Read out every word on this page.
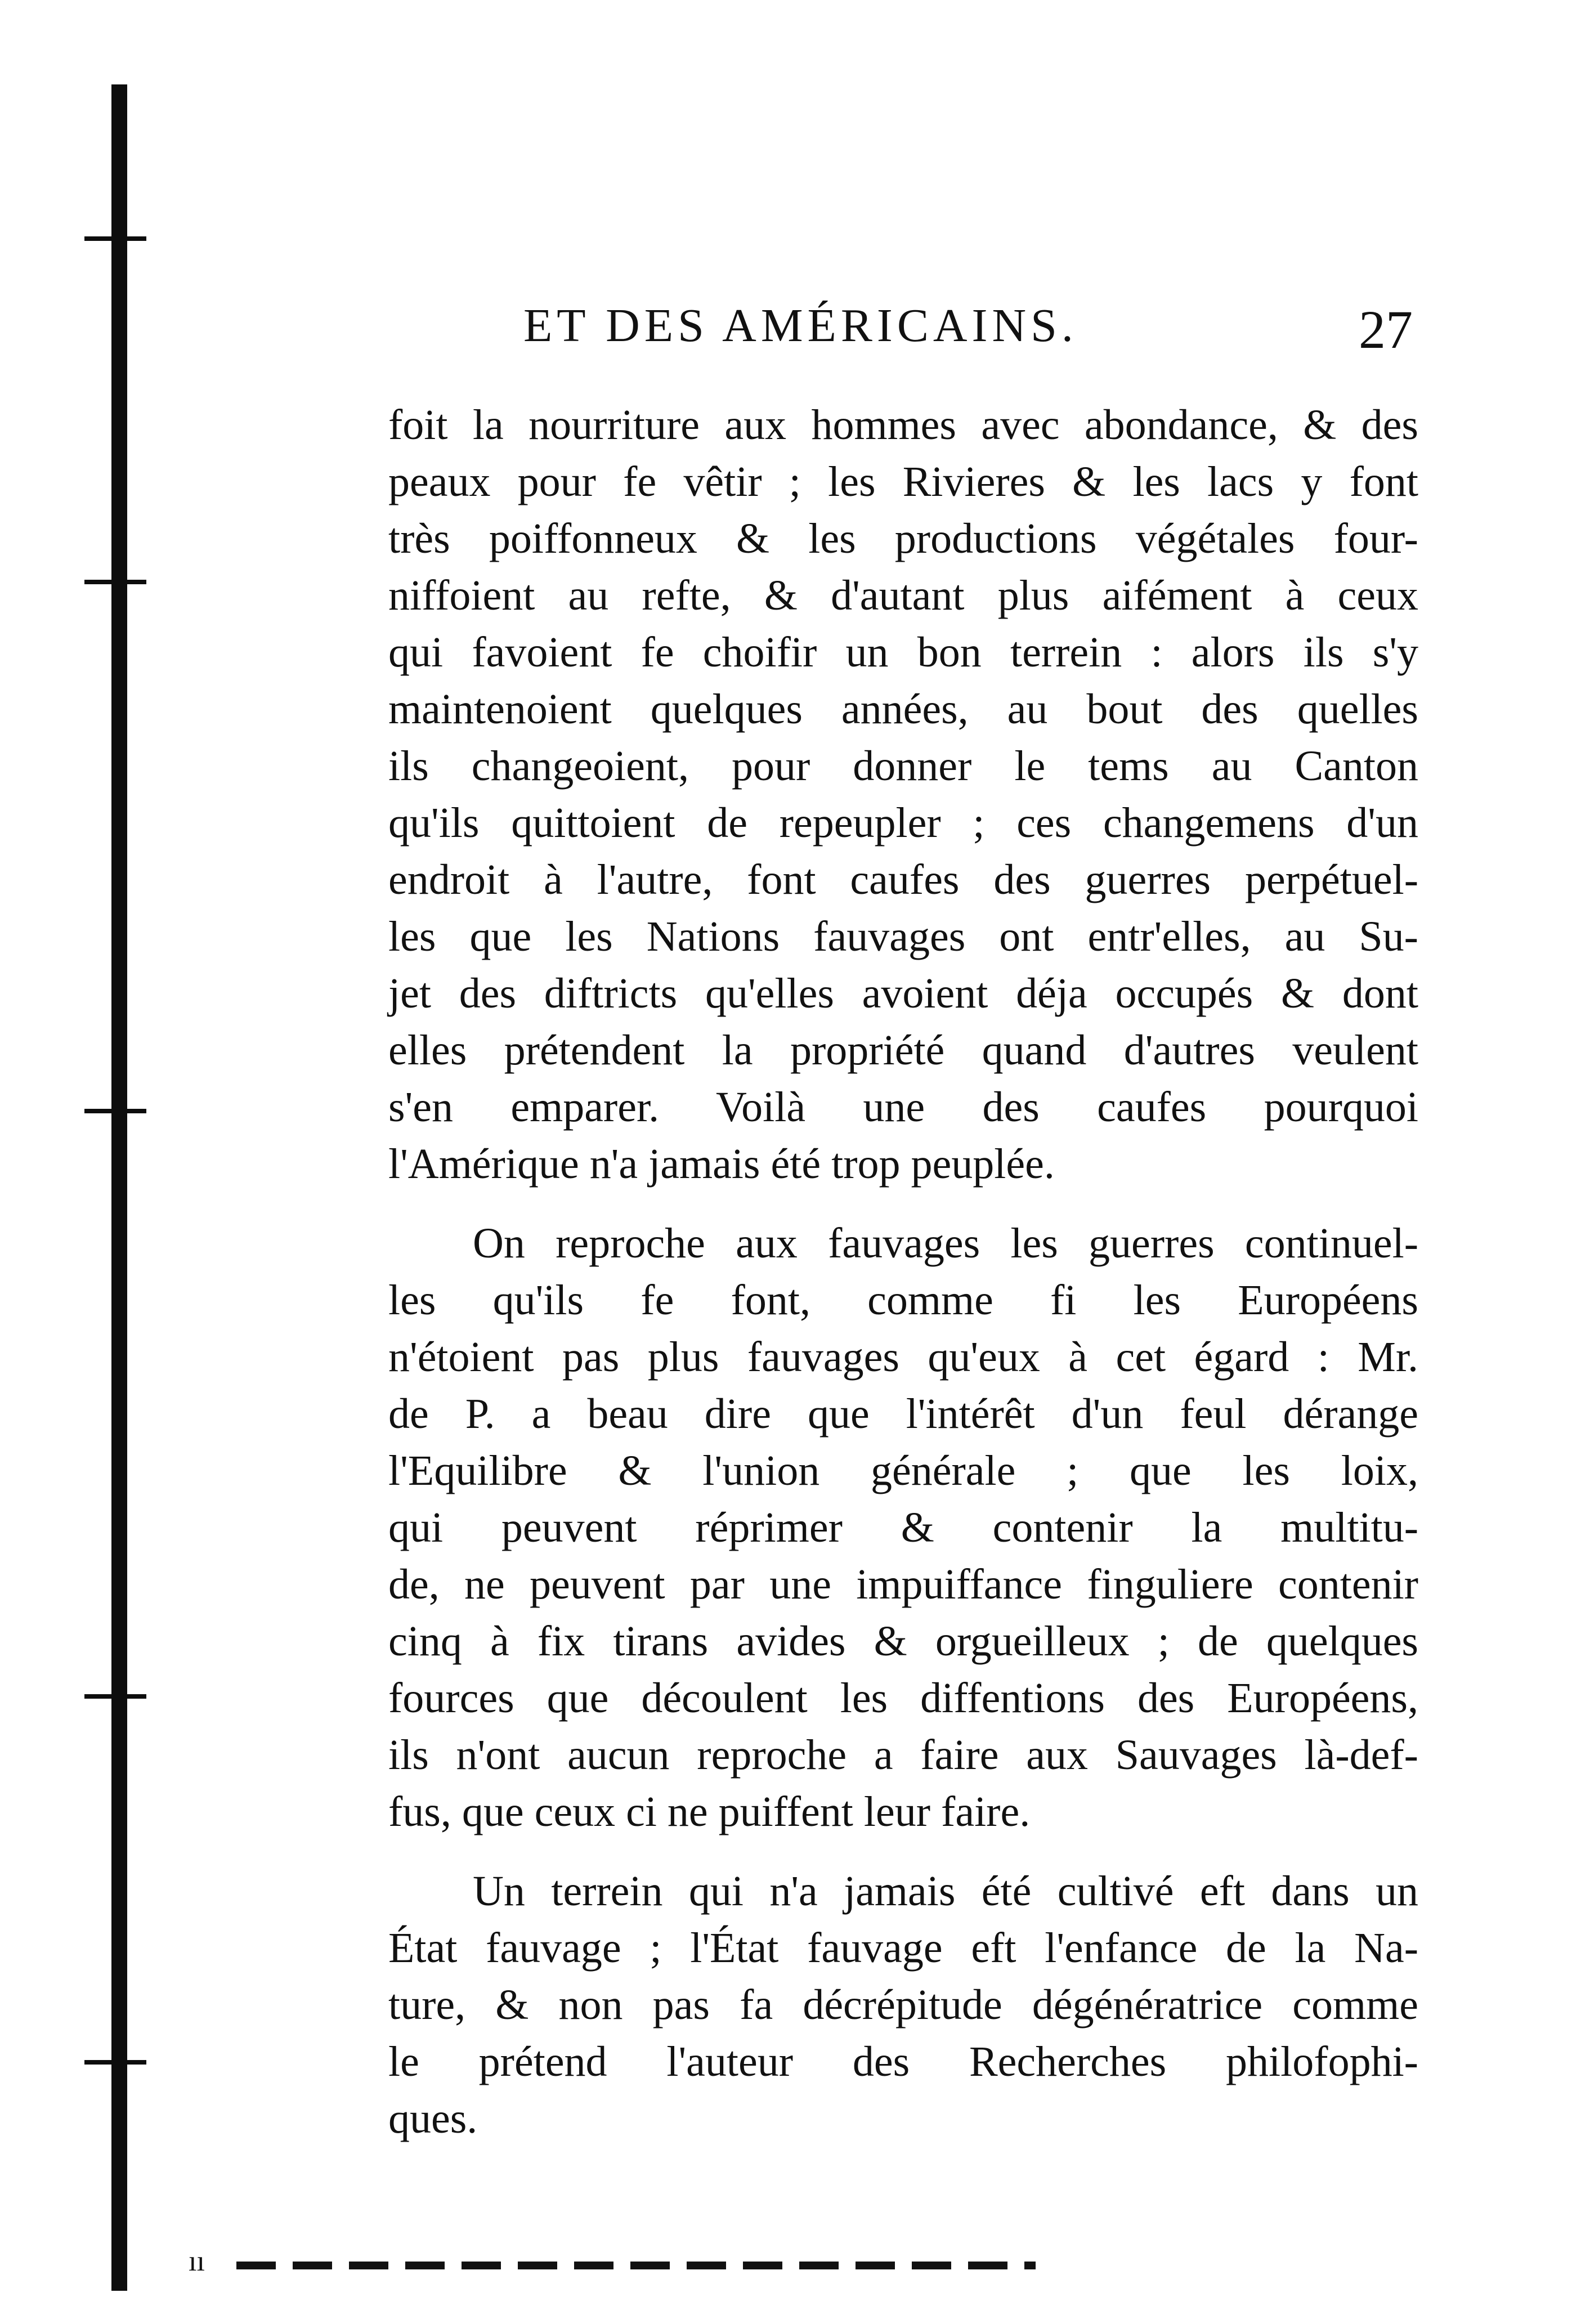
ET DES AMÉRICAINS.	27

foit la nourriture aux hommes avec abondance, & des
peaux pour fe vêtir ; les Rivieres & les lacs y font
très poiffonneux & les productions végétales four-
niffoient au refte, & d'autant plus aifément à ceux
qui favoient fe choifir un bon terrein : alors ils s'y
maintenoient quelques années, au bout des quelles
ils changeoient, pour donner le tems au Canton
qu'ils quittoient de repeupler ; ces changemens d'un
endroit à l'autre, font caufes des guerres perpétuel-
les que les Nations fauvages ont entr'elles, au Su-
jet des diftricts qu'elles avoient déja occupés & dont
elles prétendent la propriété quand d'autres veulent
s'en emparer. Voilà une des caufes pourquoi
l'Amérique n'a jamais été trop peuplée.

On reproche aux fauvages les guerres continuel-
les qu'ils fe font, comme fi les Européens
n'étoient pas plus fauvages qu'eux à cet égard : Mr.
de P. a beau dire que l'intérêt d'un feul dérange
l'Equilibre & l'union générale ; que les loix,
qui peuvent réprimer & contenir la multitu-
de, ne peuvent par une impuiffance finguliere contenir
cinq à fix tirans avides & orgueilleux ; de quelques
fources que découlent les diffentions des Européens,
ils n'ont aucun reproche a faire aux Sauvages là-def-
fus, que ceux ci ne puiffent leur faire.

Un terrein qui n'a jamais été cultivé eft dans un
État fauvage ; l'État fauvage eft l'enfance de la Na-
ture, & non pas fa décrépitude dégénératrice comme
le prétend l'auteur des Recherches philofophi-
ques.

ıı
